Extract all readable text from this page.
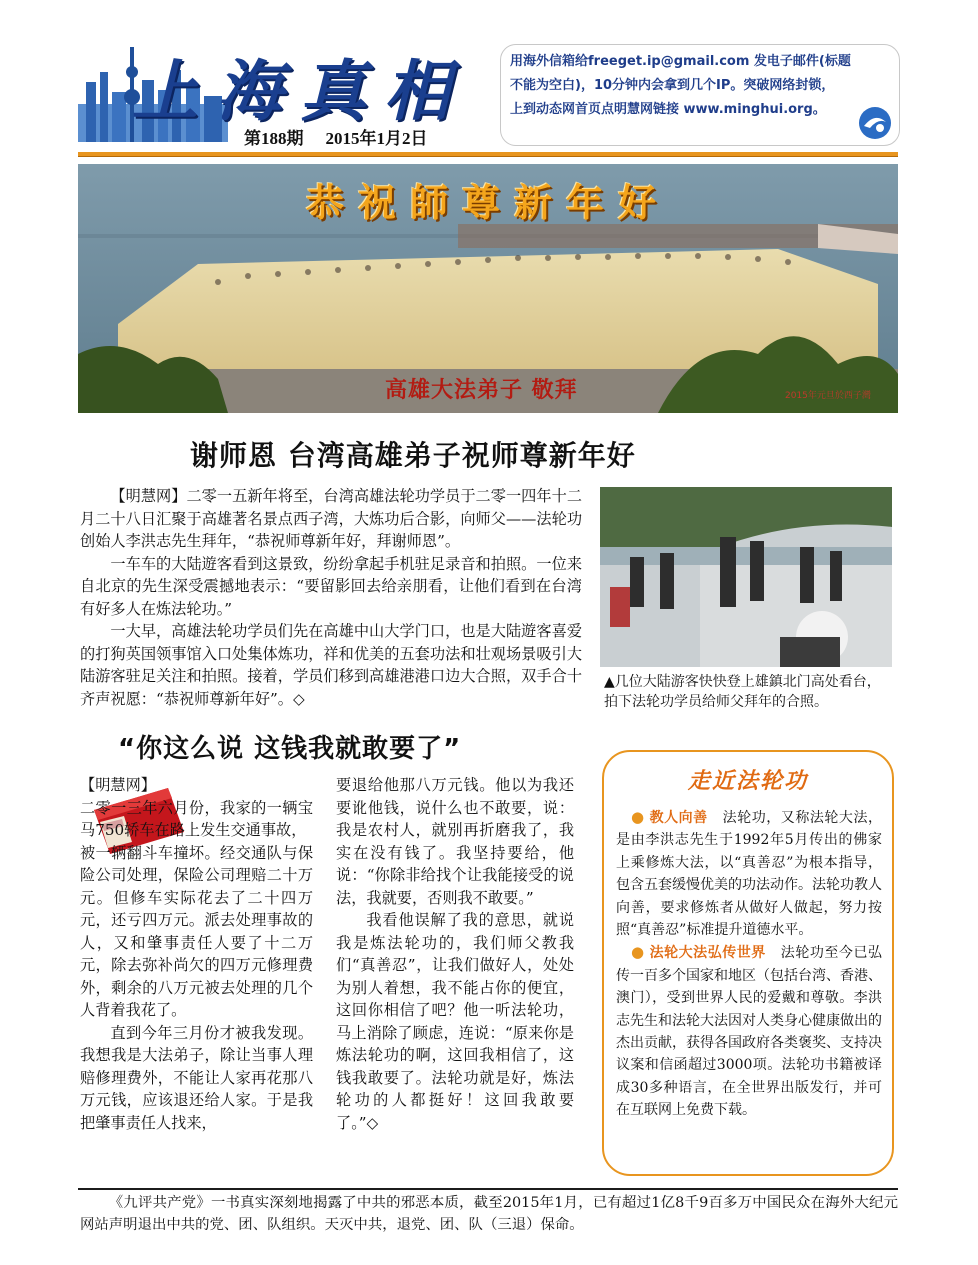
上海真相
第188期 2015年1月2日
用海外信箱给freeget.ip@gmail.com 发电子邮件(标题
不能为空白)，10分钟内会拿到几个IP。突破网络封锁，
上到动态网首页点明慧网链接 www.minghui.org。
恭祝師尊新年好
高雄大法弟子 敬拜	2015年元旦於西子灣
谢师恩 台湾高雄弟子祝师尊新年好

【明慧网】二零一五新年将至，台湾高雄法轮功学员于二零一四年十二月二十八日汇聚于高雄著名景点西子湾，大炼功后合影，向师父——法轮功创始人李洪志先生拜年，“恭祝师尊新年好，拜谢师恩”。

一车车的大陆遊客看到这景致，纷纷拿起手机驻足录音和拍照。一位来自北京的先生深受震撼地表示：“要留影回去给亲朋看，让他们看到在台湾有好多人在炼法轮功。”

一大早，高雄法轮功学员们先在高雄中山大学门口，也是大陆遊客喜爱的打狗英国领事馆入口处集体炼功，祥和优美的五套功法和壮观场景吸引大陆游客驻足关注和拍照。接着，学员们移到高雄港港口边大合照，双手合十齐声祝愿：“恭祝师尊新年好”。◇

▲几位大陆游客快快登上雄鎮北门高处看台，拍下法轮功学员给师父拜年的合照。
“你这么说 这钱我就敢要了”

【明慧网】

二零一三年六月份，我家的一辆宝马750轿车在路上发生交通事故，

被一辆翻斗车撞坏。经交通队与保险公司处理，保险公司理赔二十万元。但修车实际花去了二十四万元，还亏四万元。派去处理事故的人，又和肇事责任人要了十二万元，除去弥补尚欠的四万元修理费外，剩余的八万元被去处理的几个人背着我花了。

直到今年三月份才被我发现。我想我是大法弟子，除让当事人理赔修理费外，不能让人家再花那八万元钱，应该退还给人家。于是我把肇事责任人找来，

要退给他那八万元钱。他以为我还要讹他钱，说什么也不敢要，说：我是农村人，就别再折磨我了，我实在没有钱了。我坚持要给，他说：“你除非给找个让我能接受的说法，我就要，否则我不敢要。”

我看他误解了我的意思，就说我是炼法轮功的，我们师父教我们“真善忍”，让我们做好人，处处为别人着想，我不能占你的便宜，这回你相信了吧？他一听法轮功，马上消除了顾虑，连说：“原来你是炼法轮功的啊，这回我相信了，这钱我敢要了。法轮功就是好，炼法轮功的人都挺好！这回我敢要了。”◇

走近法轮功

● 教人向善 法轮功，又称法轮大法，是由李洪志先生于1992年5月传出的佛家上乘修炼大法，以“真善忍”为根本指导，包含五套缓慢优美的功法动作。法轮功教人向善，要求修炼者从做好人做起，努力按照“真善忍”标准提升道德水平。

● 法轮大法弘传世界 法轮功至今已弘传一百多个国家和地区（包括台湾、香港、澳门），受到世界人民的爱戴和尊敬。李洪志先生和法轮大法因对人类身心健康做出的杰出贡献，获得各国政府各类褒奖、支持决议案和信函超过3000项。法轮功书籍被译成30多种语言，在全世界出版发行，并可在互联网上免费下载。

《九评共产党》一书真实深刻地揭露了中共的邪恶本质，截至2015年1月，已有超过1亿8千9百多万中国民众在海外大纪元网站声明退出中共的党、团、队组织。天灭中共，退党、团、队（三退）保命。
